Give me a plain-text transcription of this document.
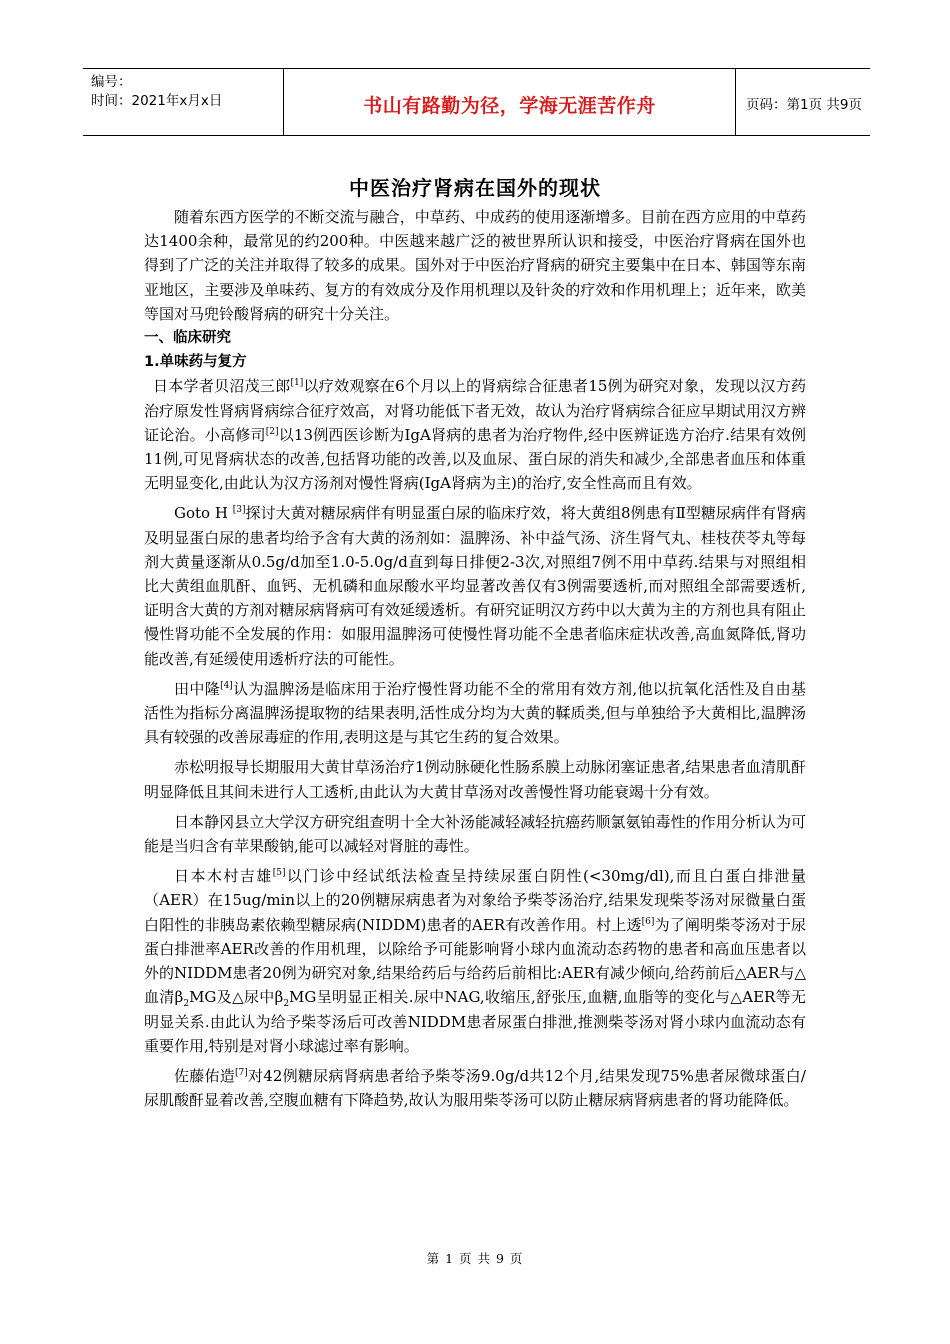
编号：
时间：2021年x月x日	书山有路勤为径，学海无涯苦作舟	页码：第1页 共9页
中医治疗肾病在国外的现状

随着东西方医学的不断交流与融合，中草药、中成药的使用逐渐增多。目前在西方应用的中草药达1400余种，最常见的约200种。中医越来越广泛的被世界所认识和接受，中医治疗肾病在国外也得到了广泛的关注并取得了较多的成果。国外对于中医治疗肾病的研究主要集中在日本、韩国等东南亚地区，主要涉及单味药、复方的有效成分及作用机理以及针灸的疗效和作用机理上；近年来，欧美等国对马兜铃酸肾病的研究十分关注。

一、临床研究

1.单味药与复方

日本学者贝沼茂三郎[1]以疗效观察在6个月以上的肾病综合征患者15例为研究对象，发现以汉方药治疗原发性肾病肾病综合征疗效高，对肾功能低下者无效，故认为治疗肾病综合征应早期试用汉方辨证论治。小高修司[2]以13例西医诊断为IgA肾病的患者为治疗物件,经中医辨证选方治疗.结果有效例11例,可见肾病状态的改善,包括肾功能的改善,以及血尿、蛋白尿的消失和减少,全部患者血压和体重无明显变化,由此认为汉方汤剂对慢性肾病(IgA肾病为主)的治疗,安全性高而且有效。

Goto H [3]探讨大黄对糖尿病伴有明显蛋白尿的临床疗效，将大黄组8例患有Ⅱ型糖尿病伴有肾病及明显蛋白尿的患者均给予含有大黄的汤剂如：温脾汤、补中益气汤、济生肾气丸、桂枝茯苓丸等每剂大黄量逐渐从0.5g/d加至1.0-5.0g/d直到每日排便2-3次,对照组7例不用中草药.结果与对照组相比大黄组血肌酐、血钙、无机磷和血尿酸水平均显著改善仅有3例需要透析,而对照组全部需要透析,证明含大黄的方剂对糖尿病肾病可有效延缓透析。有研究证明汉方药中以大黄为主的方剂也具有阻止慢性肾功能不全发展的作用：如服用温脾汤可使慢性肾功能不全患者临床症状改善,高血氮降低,肾功能改善,有延缓使用透析疗法的可能性。

田中隆[4]认为温脾汤是临床用于治疗慢性肾功能不全的常用有效方剂,他以抗氧化活性及自由基活性为指标分离温脾汤提取物的结果表明,活性成分均为大黄的鞣质类,但与单独给予大黄相比,温脾汤具有较强的改善尿毒症的作用,表明这是与其它生药的复合效果。

赤松明报导长期服用大黄甘草汤治疗1例动脉硬化性肠系膜上动脉闭塞证患者,结果患者血清肌酐明显降低且其间未进行人工透析,由此认为大黄甘草汤对改善慢性肾功能衰竭十分有效。

日本静冈县立大学汉方研究组查明十全大补汤能减轻减轻抗癌药顺氯氨铂毒性的作用分析认为可能是当归含有苹果酸钠,能可以减轻对肾脏的毒性。

日本木村吉雄[5]以门诊中经试纸法检查呈持续尿蛋白阴性(<30mg/dl),而且白蛋白排泄量（AER）在15ug/min以上的20例糖尿病患者为对象给予柴苓汤治疗,结果发现柴苓汤对尿微量白蛋白阳性的非胰岛素依赖型糖尿病(NIDDM)患者的AER有改善作用。村上透[6]为了阐明柴苓汤对于尿蛋白排泄率AER改善的作用机理，以除给予可能影响肾小球内血流动态药物的患者和高血压患者以外的NIDDM患者20例为研究对象,结果给药后与给药后前相比:AER有减少倾向,给药前后△AER与△血清$\beta_2MG$及△尿中$\beta_2MG$呈明显正相关.尿中NAG,收缩压,舒张压,血糖,血脂等的变化与△AER等无明显关系.由此认为给予柴苓汤后可改善NIDDM患者尿蛋白排泄,推测柴苓汤对肾小球内血流动态有重要作用,特别是对肾小球滤过率有影响。

佐藤佑造[7]对42例糖尿病肾病患者给予柴苓汤9.0g/d共12个月,结果发现75%患者尿微球蛋白/尿肌酸酐显着改善,空腹血糖有下降趋势,故认为服用柴苓汤可以防止糖尿病肾病患者的肾功能降低。

第 1 页 共 9 页
